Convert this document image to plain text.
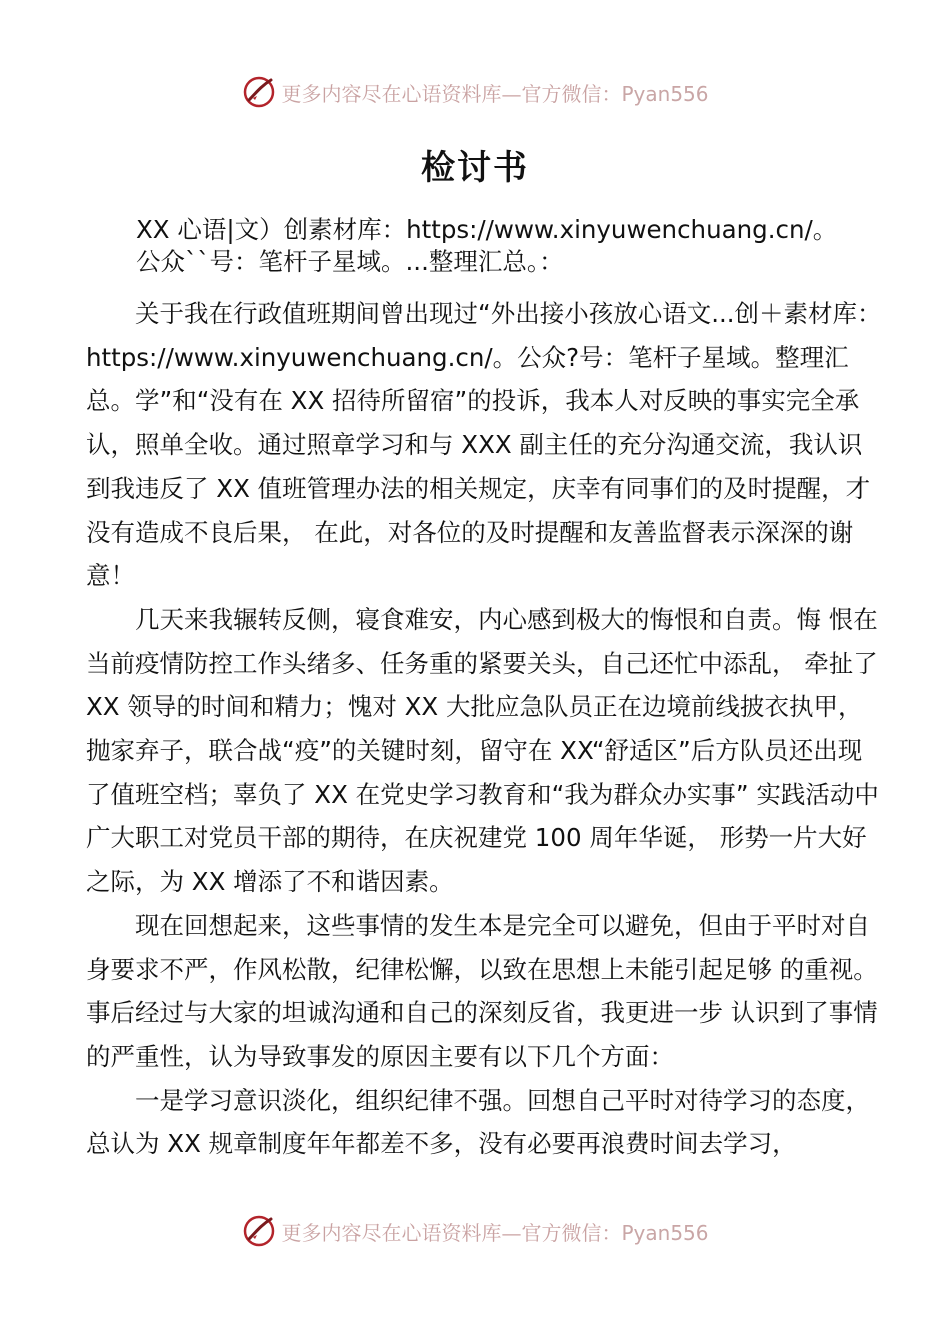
更多内容尽在心语资料库—官方微信：Pyan556
检讨书

XX 心语|文）创素材库：https://www.xinyuwenchuang.cn/。
公众``号：笔杆子星域。...整理汇总。：

关于我在行政值班期间曾出现过“外出接小孩放心语文...创＋素材库：https://www.xinyuwenchuang.cn/。公众?号：笔杆子星域。整理汇总。学”和“没有在 XX 招待所留宿”的投诉，我本人对反映的事实完全承认，照单全收。通过照章学习和与 XXX 副主任的充分沟通交流，我认识到我违反了 XX 值班管理办法的相关规定，庆幸有同事们的及时提醒，才没有造成不良后果， 在此，对各位的及时提醒和友善监督表示深深的谢意！

几天来我辗转反侧，寝食难安，内心感到极大的悔恨和自责。悔 恨在当前疫情防控工作头绪多、任务重的紧要关头，自己还忙中添乱， 牵扯了 XX 领导的时间和精力；愧对 XX 大批应急队员正在边境前线披衣执甲，抛家弃子，联合战“疫”的关键时刻，留守在 XX“舒适区”后方队员还出现了值班空档；辜负了 XX 在党史学习教育和“我为群众办实事” 实践活动中广大职工对党员干部的期待，在庆祝建党 100 周年华诞， 形势一片大好之际，为 XX 增添了不和谐因素。

现在回想起来，这些事情的发生本是完全可以避免，但由于平时对自身要求不严，作风松散，纪律松懈，以致在思想上未能引起足够 的重视。事后经过与大家的坦诚沟通和自己的深刻反省，我更进一步 认识到了事情的严重性，认为导致事发的原因主要有以下几个方面：

一是学习意识淡化，组织纪律不强。回想自己平时对待学习的态度，总认为 XX 规章制度年年都差不多，没有必要再浪费时间去学习，

更多内容尽在心语资料库—官方微信：Pyan556
